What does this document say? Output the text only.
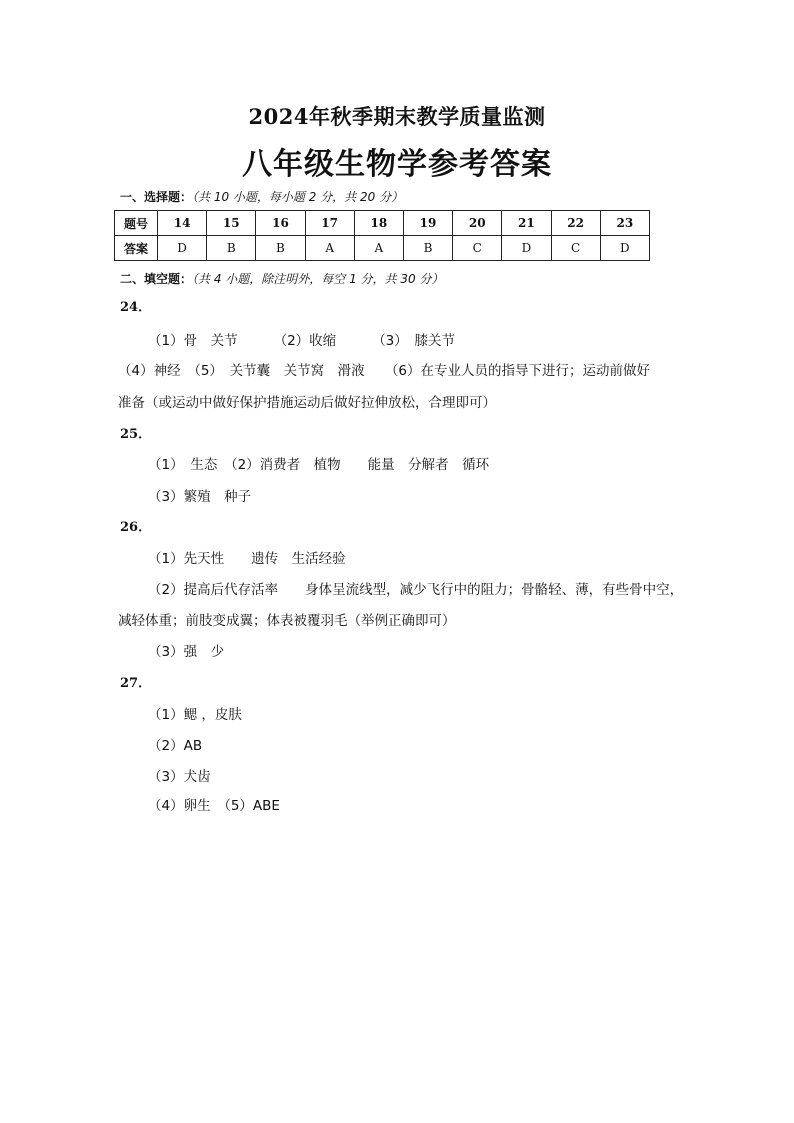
2024年秋季期末教学质量监测
八年级生物学参考答案
一、选择题：（共 10 小题，每小题 2 分，共 20 分）
题号	14	15	16	17	18	19	20	21	22	23
答案	D	B	B	A	A	B	C	D	C	D
二、填空题：（共 4 小题，除注明外，每空 1 分，共 30 分）
24．
（1）骨　关节	（2）收缩	（3）　膝关节
（4）神经　（5）　关节囊　关节窝　滑液　　（6）在专业人员的指导下进行；运动前做好
准备（或运动中做好保护措施运动后做好拉伸放松，合理即可）
25．
（1）　生态　（2）消费者　植物　　能量　分解者　循环
（3）繁殖　种子
26．
（1）先天性　　遗传　生活经验
（2）提高后代存活率　　身体呈流线型，减少飞行中的阻力；骨骼轻、薄，有些骨中空，
减轻体重；前肢变成翼；体表被覆羽毛（举例正确即可）
（3）强　少
27．
（1）鳃 ，皮肤
（2）AB
（3）犬齿
（4）卵生　（5）ABE
